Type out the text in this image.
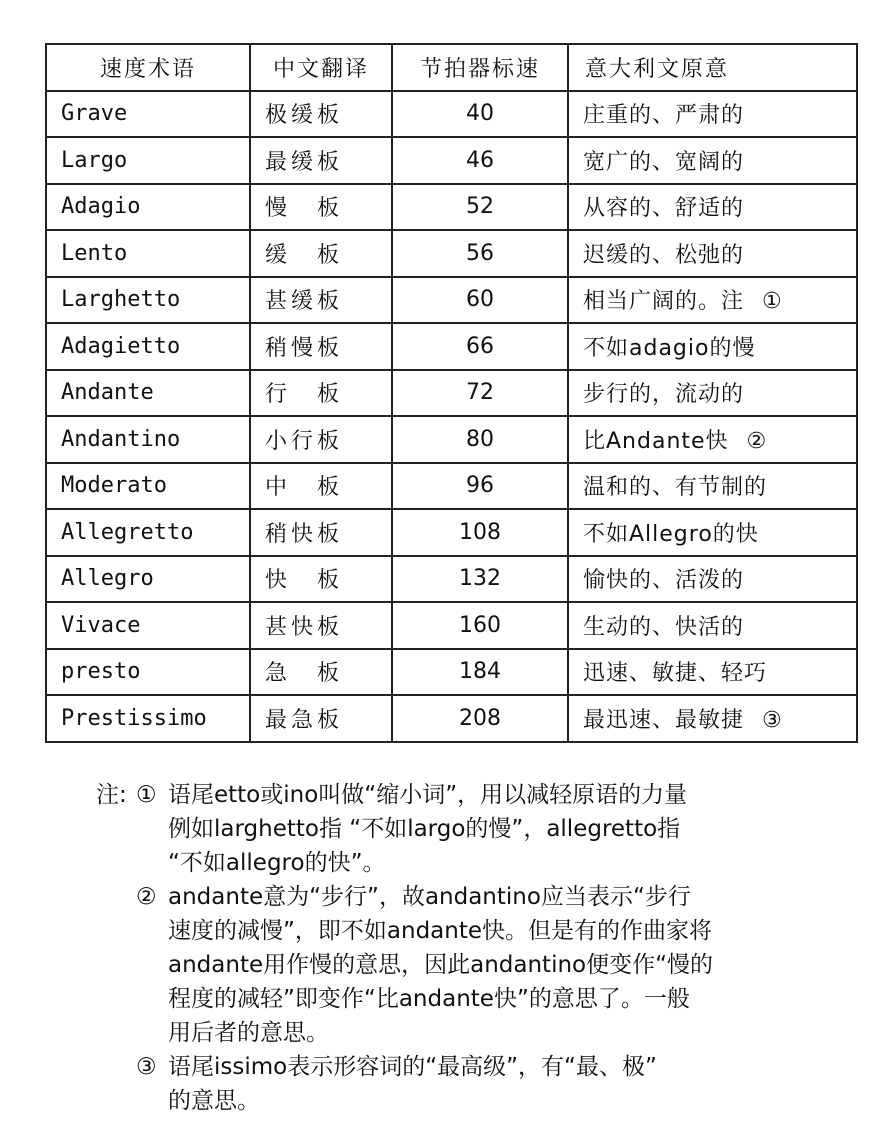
速度术语	中文翻译	节拍器标速	意大利文原意
Grave	极缓板	40	庄重的、严肃的
Largo	最缓板	46	宽广的、宽阔的
Adagio	慢　板	52	从容的、舒适的
Lento	缓　板	56	迟缓的、松弛的
Larghetto	甚缓板	60	相当广阔的。注 ①
Adagietto	稍慢板	66	不如adagio的慢
Andante	行　板	72	步行的，流动的
Andantino	小行板	80	比Andante快 ②
Moderato	中　板	96	温和的、有节制的
Allegretto	稍快板	108	不如Allegro的快
Allegro	快　板	132	愉快的、活泼的
Vivace	甚快板	160	生动的、快活的
presto	急　板	184	迅速、敏捷、轻巧
Prestissimo	最急板	208	最迅速、最敏捷 ③
注: ① 语尾etto或ino叫做“缩小词”，用以减轻原语的力量
例如larghetto指 “不如largo的慢”，allegretto指
“不如allegro的快”。
② andante意为“步行”，故andantino应当表示“步行
速度的减慢”，即不如andante快。但是有的作曲家将
andante用作慢的意思，因此andantino便变作“慢的
程度的减轻”即变作“比andante快”的意思了。一般
用后者的意思。
③ 语尾issimo表示形容词的“最高级”，有“最、极”
的意思。
